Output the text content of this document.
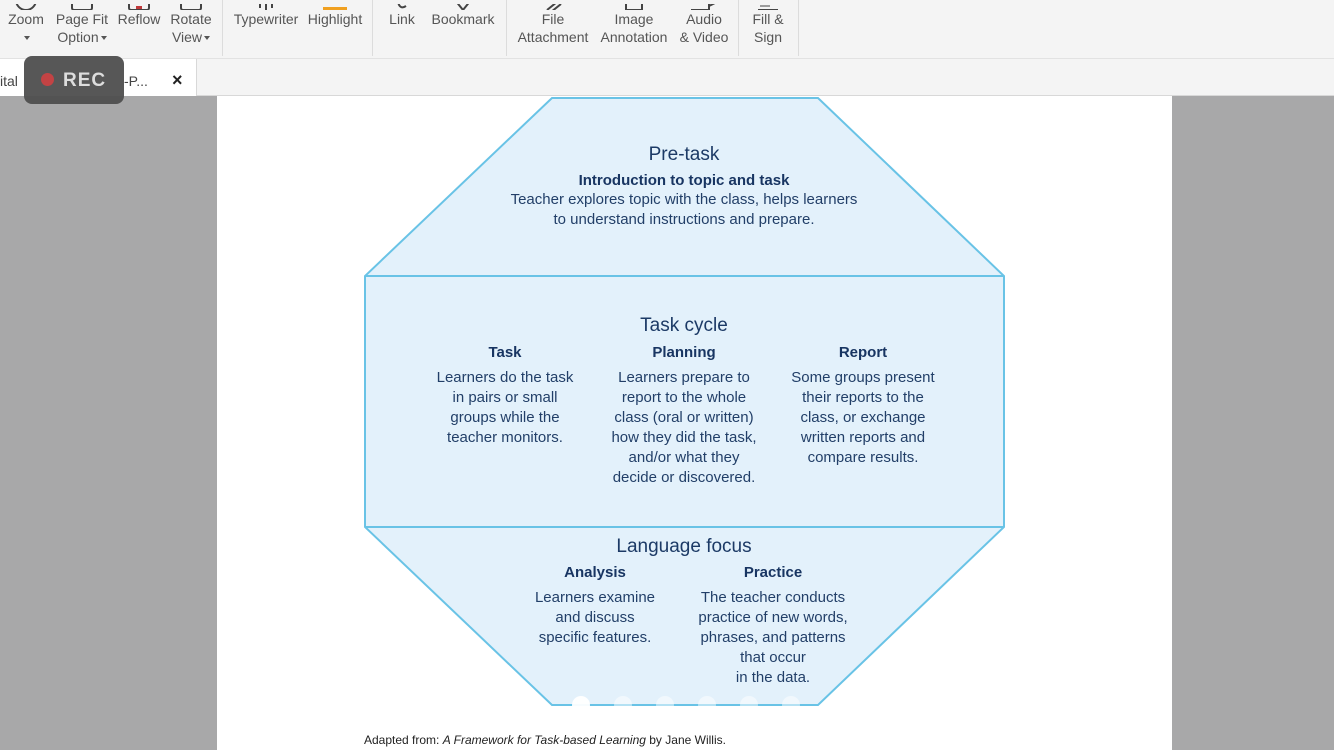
Zoom Page Fit
Option
Reflow Rotate
View
Typewriter Highlight	Link	Bookmark	File
Attachment
Image
Annotation
Audio
& Video
Fill &
Sign
ital	-P... ×
REC
Pre-task
Introduction to topic and task
Teacher explores topic with the class, helps learners
to understand instructions and prepare.
Task cycle
Task
Learners do the task
in pairs or small
groups while the
teacher monitors.
Planning
Learners prepare to
report to the whole
class (oral or written)
how they did the task,
and/or what they
decide or discovered.
Report
Some groups present
their reports to the
class, or exchange
written reports and
compare results.
Language focus
Analysis
Learners examine
and discuss
specific features.
Practice
The teacher conducts
practice of new words,
phrases, and patterns
that occur
in the data.
Adapted from: A Framework for Task-based Learning by Jane Willis.
